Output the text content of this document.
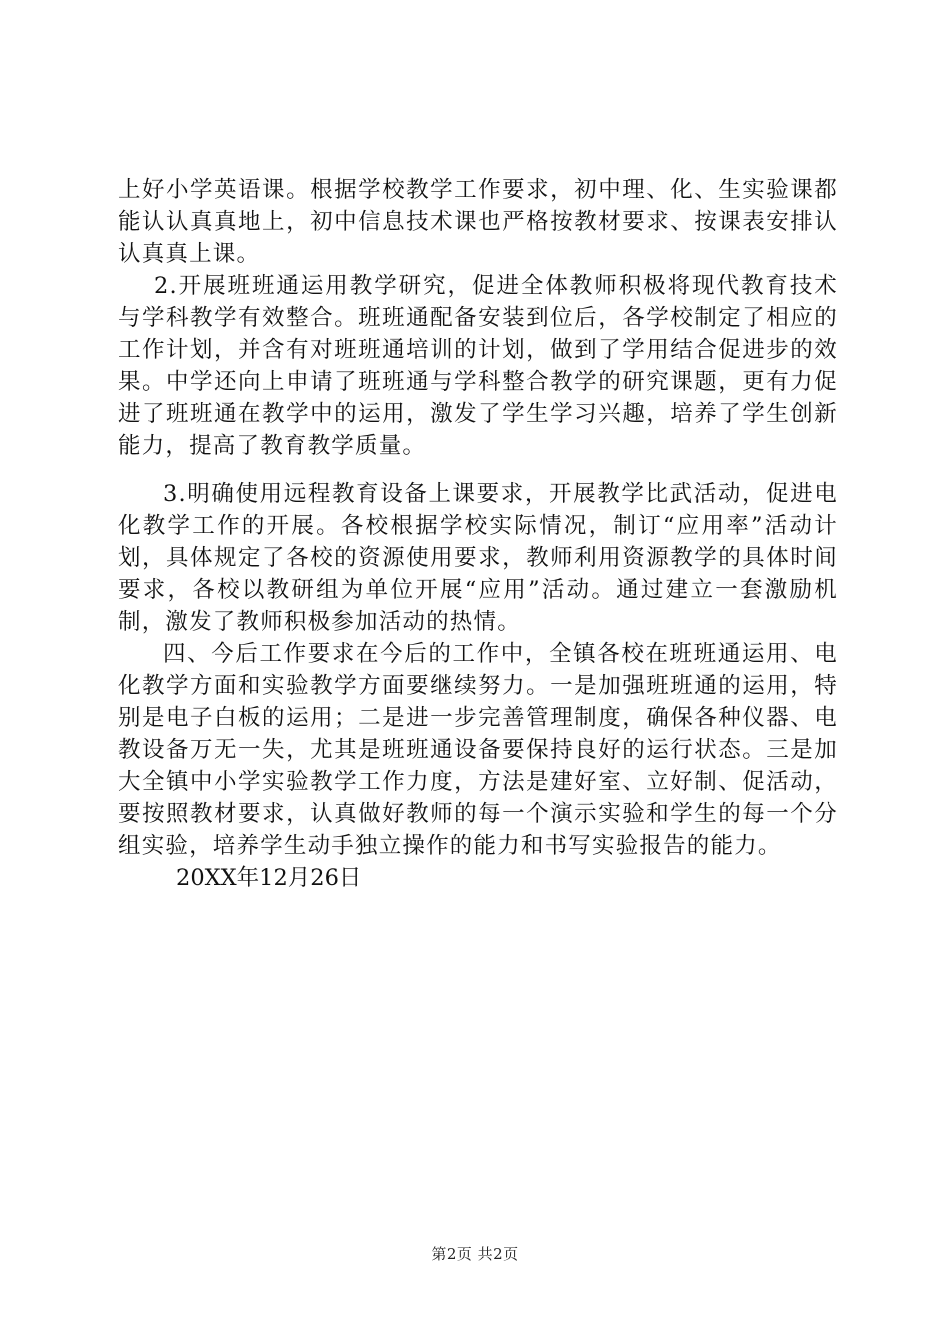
上好小学英语课。根据学校教学工作要求，初中理、化、生实验课都能认认真真地上，初中信息技术课也严格按教材要求、按课表安排认认真真上课。

2.开展班班通运用教学研究，促进全体教师积极将现代教育技术与学科教学有效整合。班班通配备安装到位后，各学校制定了相应的工作计划，并含有对班班通培训的计划，做到了学用结合促进步的效果。中学还向上申请了班班通与学科整合教学的研究课题，更有力促进了班班通在教学中的运用，激发了学生学习兴趣，培养了学生创新能力，提高了教育教学质量。

3.明确使用远程教育设备上课要求，开展教学比武活动，促进电化教学工作的开展。各校根据学校实际情况，制订“应用率”活动计划，具体规定了各校的资源使用要求，教师利用资源教学的具体时间要求，各校以教研组为单位开展“应用”活动。通过建立一套激励机制，激发了教师积极参加活动的热情。

四、今后工作要求在今后的工作中，全镇各校在班班通运用、电化教学方面和实验教学方面要继续努力。一是加强班班通的运用，特别是电子白板的运用；二是进一步完善管理制度，确保各种仪器、电教设备万无一失，尤其是班班通设备要保持良好的运行状态。三是加大全镇中小学实验教学工作力度，方法是建好室、立好制、促活动，要按照教材要求，认真做好教师的每一个演示实验和学生的每一个分组实验，培养学生动手独立操作的能力和书写实验报告的能力。

20XX年12月26日

第2页 共2页
